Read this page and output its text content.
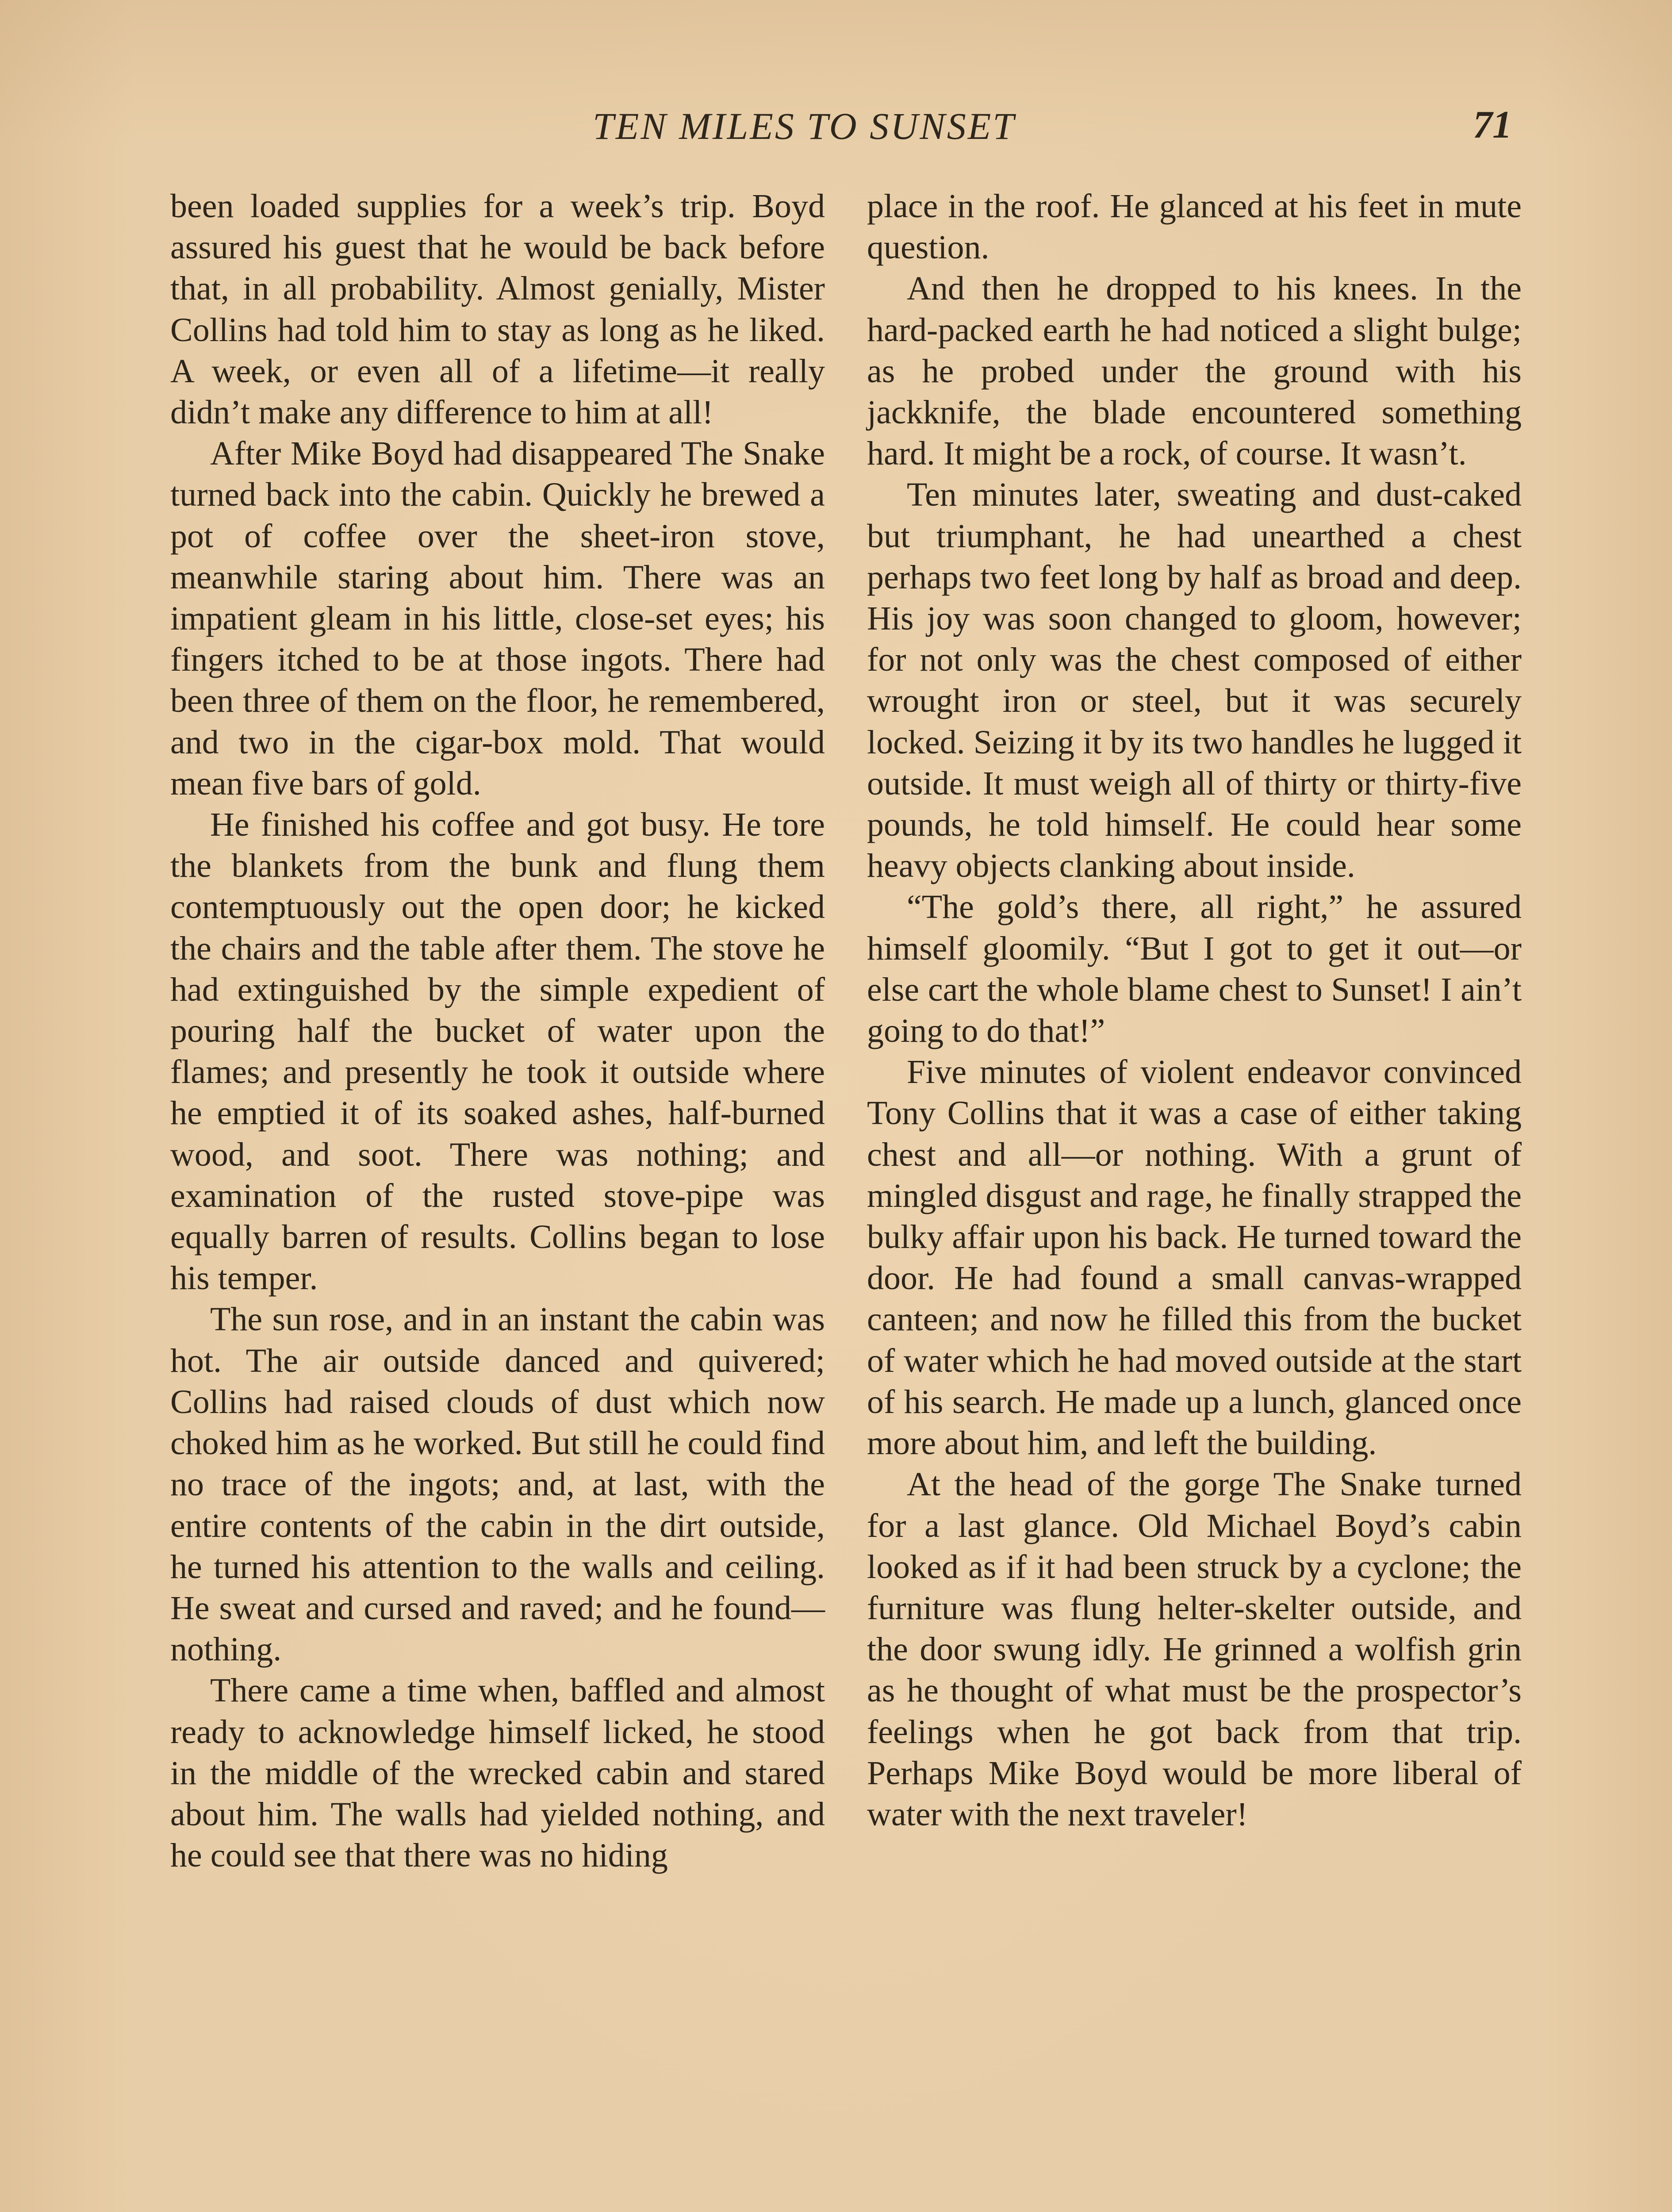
TEN MILES TO SUNSET	71

been loaded supplies for a week’s trip. Boyd assured his guest that he would be back before that, in all probability. Almost genially, Mister Collins had told him to stay as long as he liked. A week, or even all of a lifetime—it really didn’t make any difference to him at all!

After Mike Boyd had disappeared The Snake turned back into the cabin. Quickly he brewed a pot of coffee over the sheet-iron stove, meanwhile staring about him. There was an impatient gleam in his little, close-set eyes; his fingers itched to be at those ingots. There had been three of them on the floor, he remembered, and two in the cigar-box mold. That would mean five bars of gold.

He finished his coffee and got busy. He tore the blankets from the bunk and flung them contemptuously out the open door; he kicked the chairs and the table after them. The stove he had extinguished by the simple expedient of pouring half the bucket of water upon the flames; and presently he took it outside where he emptied it of its soaked ashes, half-burned wood, and soot. There was nothing; and examination of the rusted stove-pipe was equally barren of results. Collins began to lose his temper.

The sun rose, and in an instant the cabin was hot. The air outside danced and quivered; Collins had raised clouds of dust which now choked him as he worked. But still he could find no trace of the ingots; and, at last, with the entire contents of the cabin in the dirt outside, he turned his attention to the walls and ceiling. He sweat and cursed and raved; and he found—nothing.

There came a time when, baffled and almost ready to acknowledge himself licked, he stood in the middle of the wrecked cabin and stared about him. The walls had yielded nothing, and he could see that there was no hiding

place in the roof. He glanced at his feet in mute question.

And then he dropped to his knees. In the hard-packed earth he had noticed a slight bulge; as he probed under the ground with his jackknife, the blade encountered something hard. It might be a rock, of course. It wasn’t.

Ten minutes later, sweating and dust-caked but triumphant, he had unearthed a chest perhaps two feet long by half as broad and deep. His joy was soon changed to gloom, however; for not only was the chest composed of either wrought iron or steel, but it was securely locked. Seizing it by its two handles he lugged it outside. It must weigh all of thirty or thirty-five pounds, he told himself. He could hear some heavy objects clanking about inside.

“The gold’s there, all right,” he assured himself gloomily. “But I got to get it out—or else cart the whole blame chest to Sunset! I ain’t going to do that!”

Five minutes of violent endeavor convinced Tony Collins that it was a case of either taking chest and all—or nothing. With a grunt of mingled disgust and rage, he finally strapped the bulky affair upon his back. He turned toward the door. He had found a small canvas-wrapped canteen; and now he filled this from the bucket of water which he had moved outside at the start of his search. He made up a lunch, glanced once more about him, and left the building.

At the head of the gorge The Snake turned for a last glance. Old Michael Boyd’s cabin looked as if it had been struck by a cyclone; the furniture was flung helter-skelter outside, and the door swung idly. He grinned a wolfish grin as he thought of what must be the prospector’s feelings when he got back from that trip. Perhaps Mike Boyd would be more liberal of water with the next traveler!
